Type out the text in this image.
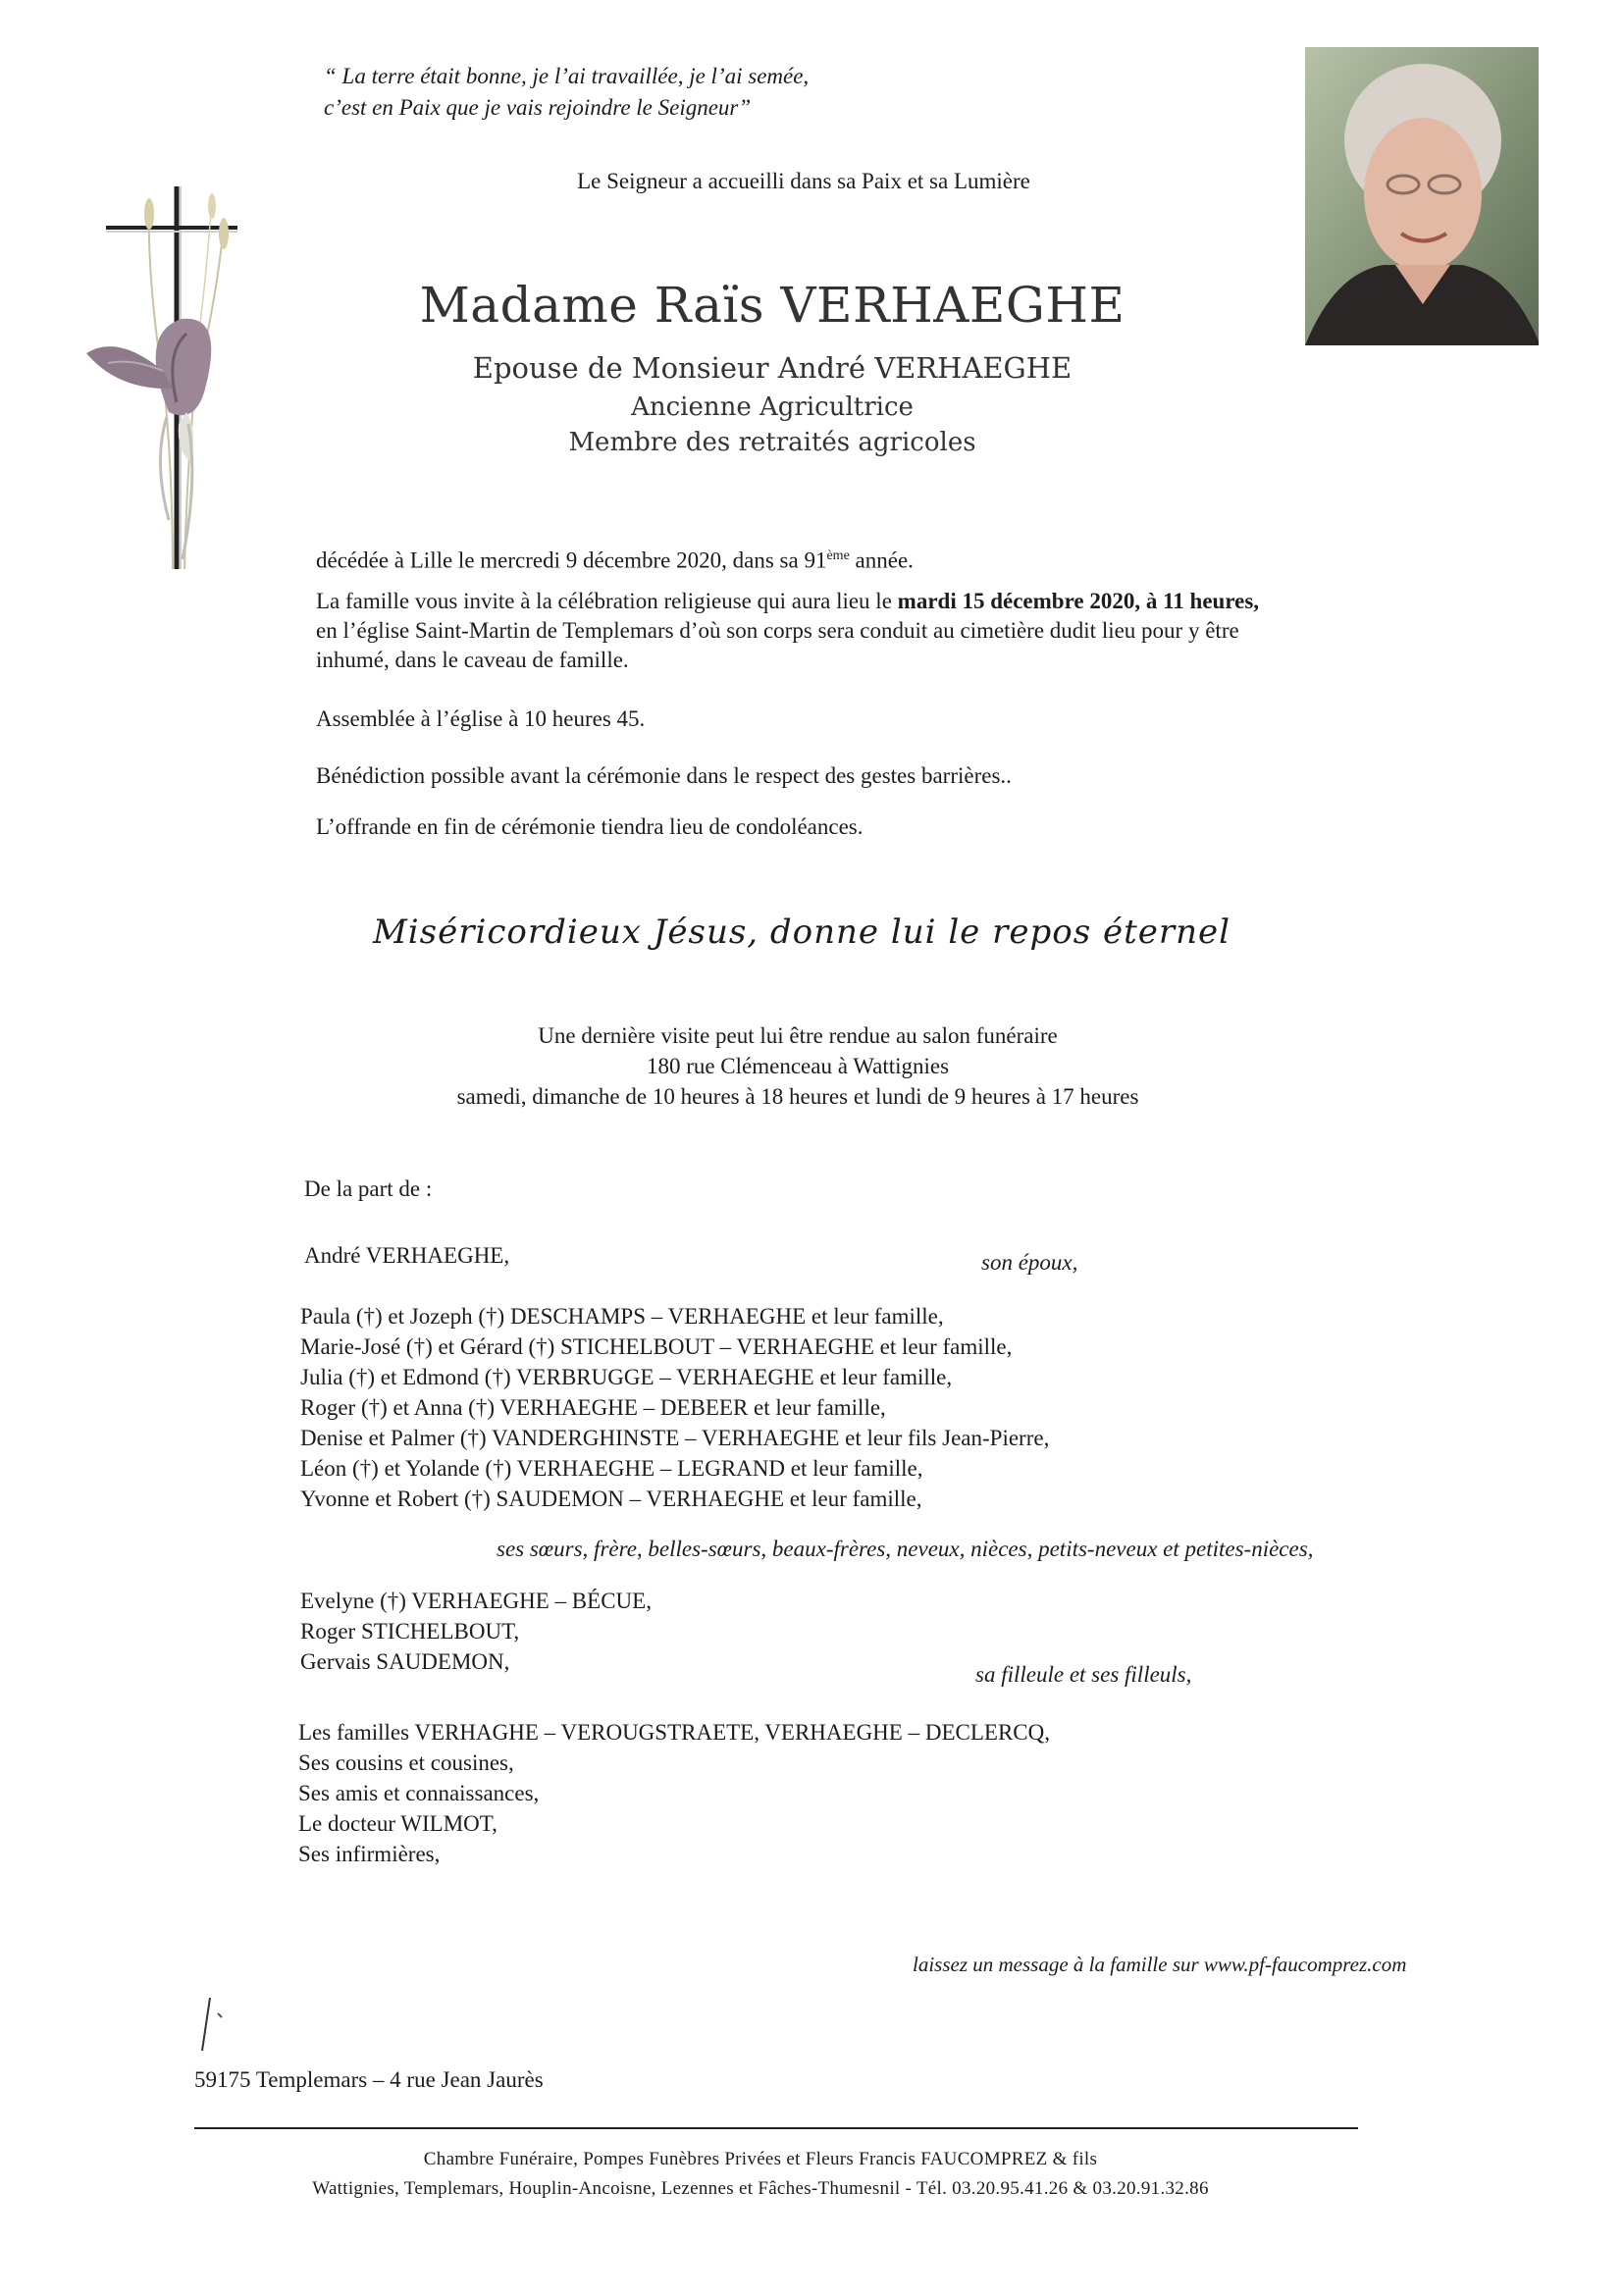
“ La terre était bonne, je l’ai travaillée, je l’ai semée,
c’est en Paix que je vais rejoindre le Seigneur”
Le Seigneur a accueilli dans sa Paix et sa Lumière
Madame Raïs VERHAEGHE
Epouse de Monsieur André VERHAEGHE
Ancienne Agricultrice
Membre des retraités agricoles
décédée à Lille le mercredi 9 décembre 2020, dans sa 91ème année.

La famille vous invite à la célébration religieuse qui aura lieu le mardi 15 décembre 2020, à 11 heures,

en l’église Saint-Martin de Templemars d’où son corps sera conduit au cimetière dudit lieu pour y être

inhumé, dans le caveau de famille.

Assemblée à l’église à 10 heures 45.
Bénédiction possible avant la cérémonie dans le respect des gestes barrières..
L’offrande en fin de cérémonie tiendra lieu de condoléances.
Miséricordieux Jésus, donne lui le repos éternel
Une dernière visite peut lui être rendue au salon funéraire
180 rue Clémenceau à Wattignies
samedi, dimanche de 10 heures à 18 heures et lundi de 9 heures à 17 heures
De la part de :
André VERHAEGHE,	son époux,
Paula (†) et Jozeph (†) DESCHAMPS – VERHAEGHE et leur famille,
Marie-José (†) et Gérard (†) STICHELBOUT – VERHAEGHE et leur famille,
Julia (†) et Edmond (†) VERBRUGGE – VERHAEGHE et leur famille,
Roger (†) et Anna (†) VERHAEGHE – DEBEER et leur famille,
Denise et Palmer (†) VANDERGHINSTE – VERHAEGHE et leur fils Jean-Pierre,
Léon (†) et Yolande (†) VERHAEGHE – LEGRAND et leur famille,
Yvonne et Robert (†) SAUDEMON – VERHAEGHE et leur famille,
ses sœurs, frère, belles-sœurs, beaux-frères, neveux, nièces, petits-neveux et petites-nièces,
Evelyne (†) VERHAEGHE – BÉCUE,
Roger STICHELBOUT,
Gervais SAUDEMON,
sa filleule et ses filleuls,
Les familles VERHAGHE – VEROUGSTRAETE, VERHAEGHE – DECLERCQ,
Ses cousins et cousines,
Ses amis et connaissances,
Le docteur WILMOT,
Ses infirmières,
laissez un message à la famille sur www.pf-faucomprez.com
59175 Templemars – 4 rue Jean Jaurès
Chambre Funéraire, Pompes Funèbres Privées et Fleurs Francis FAUCOMPREZ & fils
Wattignies, Templemars, Houplin-Ancoisne, Lezennes et Fâches-Thumesnil - Tél. 03.20.95.41.26 & 03.20.91.32.86
